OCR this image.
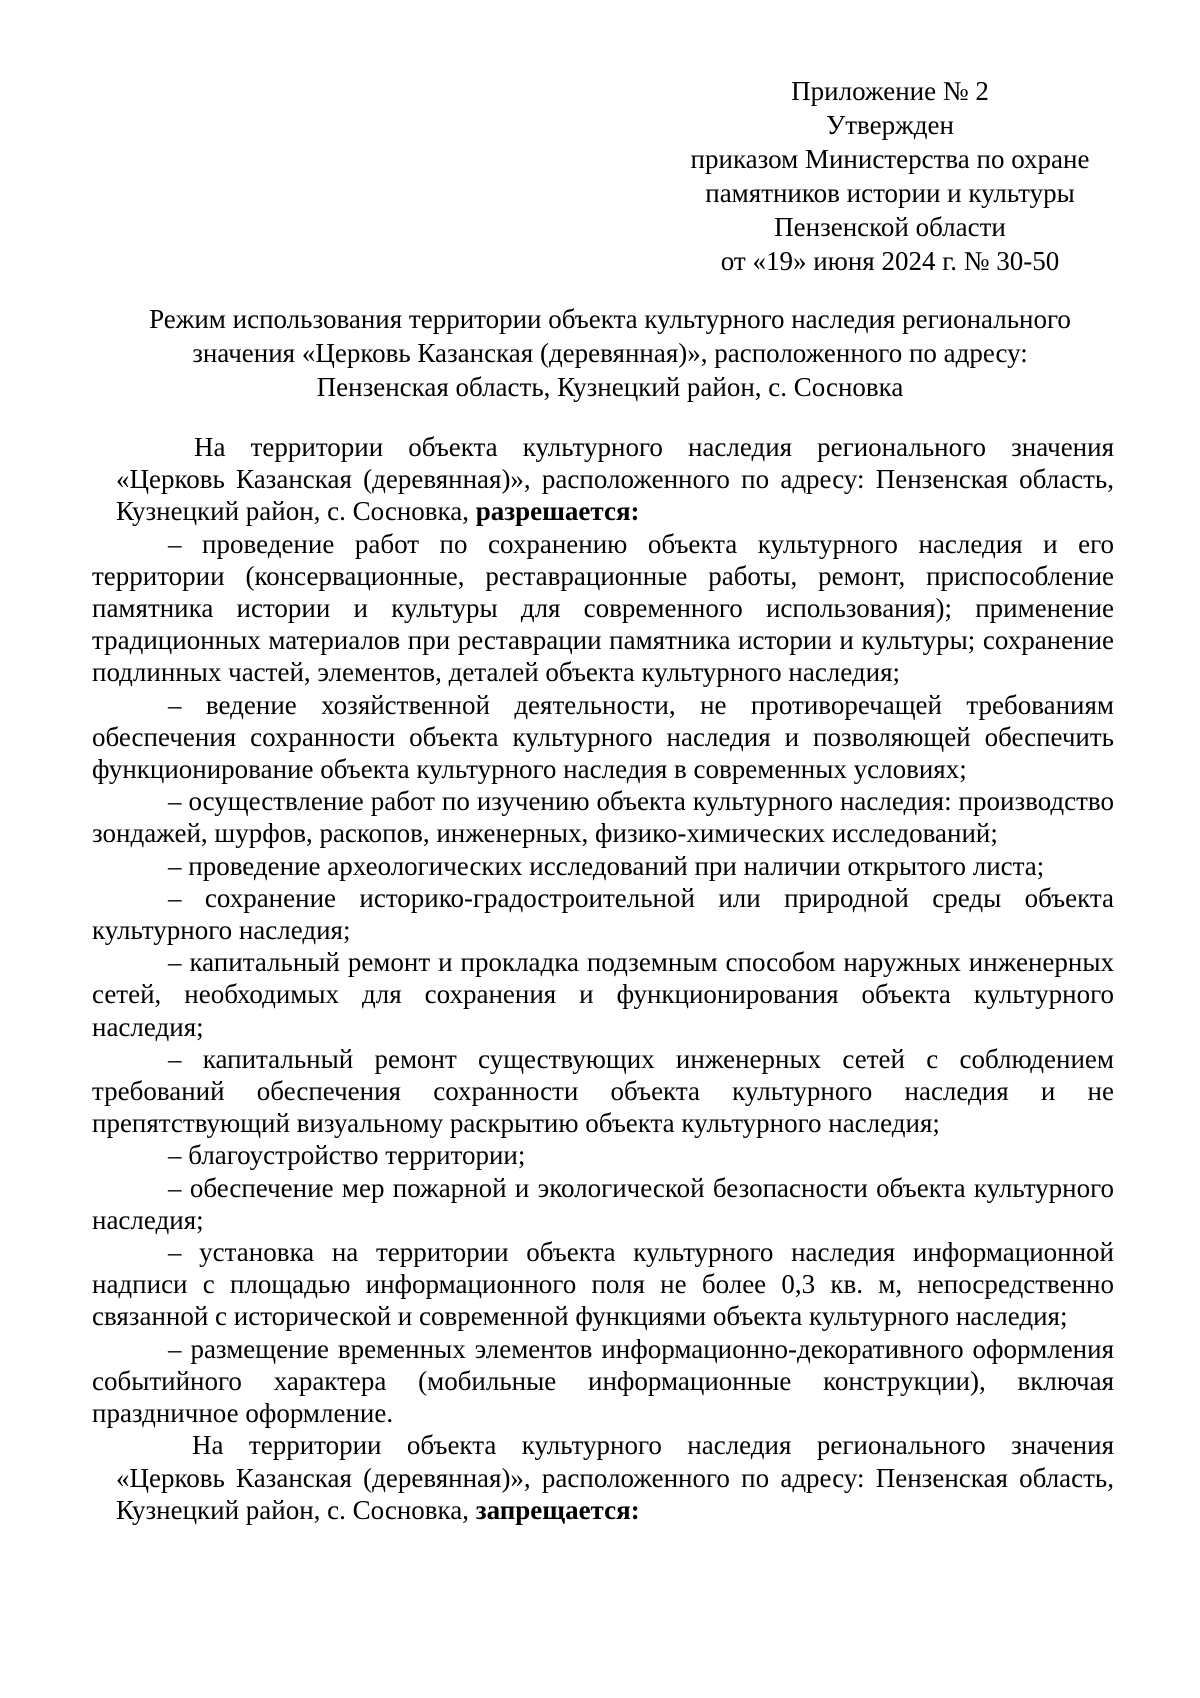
Приложение № 2
Утвержден
приказом Министерства по охране
памятников истории и культуры
Пензенской области
от «19» июня 2024 г. № 30-50
Режим использования территории объекта культурного наследия регионального
значения «Церковь Казанская (деревянная)», расположенного по адресу:
Пензенская область, Кузнецкий район, с. Сосновка

На территории объекта культурного наследия регионального значения «Церковь Казанская (деревянная)», расположенного по адресу: Пензенская область, Кузнецкий район, с. Сосновка, разрешается:

– проведение работ по сохранению объекта культурного наследия и его территории (консервационные, реставрационные работы, ремонт, приспособление памятника истории и культуры для современного использования); применение традиционных материалов при реставрации памятника истории и культуры; сохранение подлинных частей, элементов, деталей объекта культурного наследия;

– ведение хозяйственной деятельности, не противоречащей требованиям обеспечения сохранности объекта культурного наследия и позволяющей обеспечить функционирование объекта культурного наследия в современных условиях;

– осуществление работ по изучению объекта культурного наследия: производство зондажей, шурфов, раскопов, инженерных, физико-химических исследований;

– проведение археологических исследований при наличии открытого листа;

– сохранение историко-градостроительной или природной среды объекта культурного наследия;

– капитальный ремонт и прокладка подземным способом наружных инженерных сетей, необходимых для сохранения и функционирования объекта культурного наследия;

– капитальный ремонт существующих инженерных сетей с соблюдением требований обеспечения сохранности объекта культурного наследия и не препятствующий визуальному раскрытию объекта культурного наследия;

– благоустройство территории;

– обеспечение мер пожарной и экологической безопасности объекта культурного наследия;

– установка на территории объекта культурного наследия информационной надписи с площадью информационного поля не более 0,3 кв. м, непосредственно связанной с исторической и современной функциями объекта культурного наследия;

– размещение временных элементов информационно-декоративного оформления событийного характера (мобильные информационные конструкции), включая праздничное оформление.

На территории объекта культурного наследия регионального значения «Церковь Казанская (деревянная)», расположенного по адресу: Пензенская область, Кузнецкий район, с. Сосновка, запрещается:
